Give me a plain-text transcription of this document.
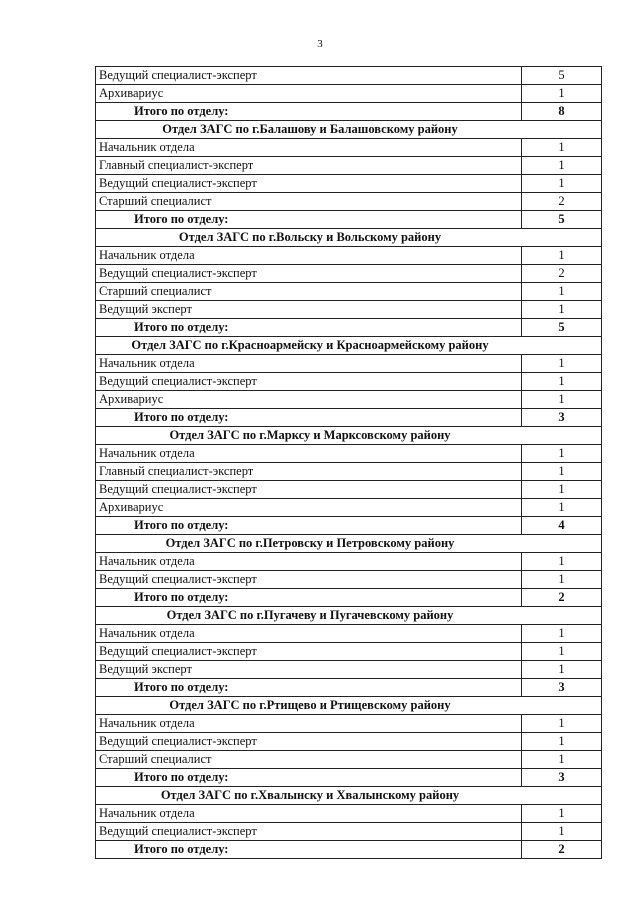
3
Ведущий специалист-эксперт	5
Архивариус	1
Итого по отделу:	8
Отдел ЗАГС по г.Балашову и Балашовскому району	
Начальник отдела	1
Главный специалист-эксперт	1
Ведущий специалист-эксперт	1
Старший специалист	2
Итого по отделу:	5
Отдел ЗАГС по г.Вольску и Вольскому району	
Начальник отдела	1
Ведущий специалист-эксперт	2
Старший специалист	1
Ведущий эксперт	1
Итого по отделу:	5
Отдел ЗАГС по г.Красноармейску и Красноармейскому району	
Начальник отдела	1
Ведущий специалист-эксперт	1
Архивариус	1
Итого по отделу:	3
Отдел ЗАГС по г.Марксу и Марксовскому району	
Начальник отдела	1
Главный специалист-эксперт	1
Ведущий специалист-эксперт	1
Архивариус	1
Итого по отделу:	4
Отдел ЗАГС по г.Петровску и Петровскому району	
Начальник отдела	1
Ведущий специалист-эксперт	1
Итого по отделу:	2
Отдел ЗАГС по г.Пугачеву и Пугачевскому району	
Начальник отдела	1
Ведущий специалист-эксперт	1
Ведущий эксперт	1
Итого по отделу:	3
Отдел ЗАГС по г.Ртищево и Ртищевскому району	
Начальник отдела	1
Ведущий специалист-эксперт	1
Старший специалист	1
Итого по отделу:	3
Отдел ЗАГС по г.Хвалынску и Хвалынскому району	
Начальник отдела	1
Ведущий специалист-эксперт	1
Итого по отделу:	2
